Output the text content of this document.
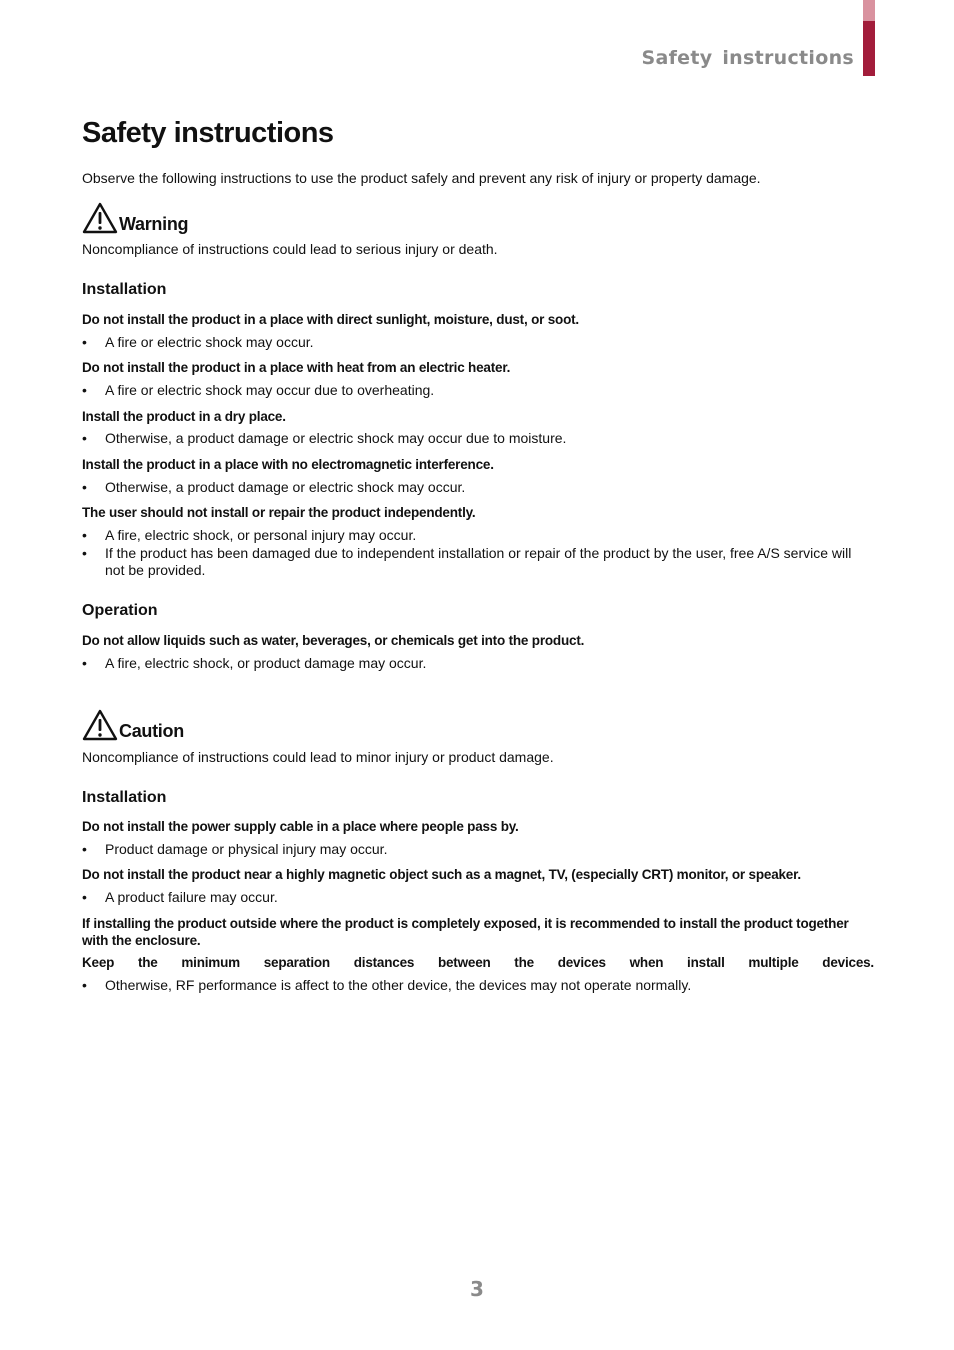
Safety instructions
Safety instructions

Observe the following instructions to use the product safely and prevent any risk of injury or property damage.

Warning

Noncompliance of instructions could lead to serious injury or death.

Installation

Do not install the product in a place with direct sunlight, moisture, dust, or soot.

•	A fire or electric shock may occur.

Do not install the product in a place with heat from an electric heater.

•	A fire or electric shock may occur due to overheating.

Install the product in a dry place.

•	Otherwise, a product damage or electric shock may occur due to moisture.

Install the product in a place with no electromagnetic interference.

•	Otherwise, a product damage or electric shock may occur.

The user should not install or repair the product independently.

•	A fire, electric shock, or personal injury may occur.

•	If the product has been damaged due to independent installation or repair of the product by the user, free A/S service will not be provided.

Operation

Do not allow liquids such as water, beverages, or chemicals get into the product.

•	A fire, electric shock, or product damage may occur.

Caution

Noncompliance of instructions could lead to minor injury or product damage.

Installation

Do not install the power supply cable in a place where people pass by.

•	Product damage or physical injury may occur.

Do not install the product near a highly magnetic object such as a magnet, TV, (especially CRT) monitor, or speaker.

•	A product failure may occur.

If installing the product outside where the product is completely exposed, it is recommended to install the product together with the enclosure.

Keep the minimum separation distances between the devices when install multiple devices.

•	Otherwise, RF performance is affect to the other device, the devices may not operate normally.

3
